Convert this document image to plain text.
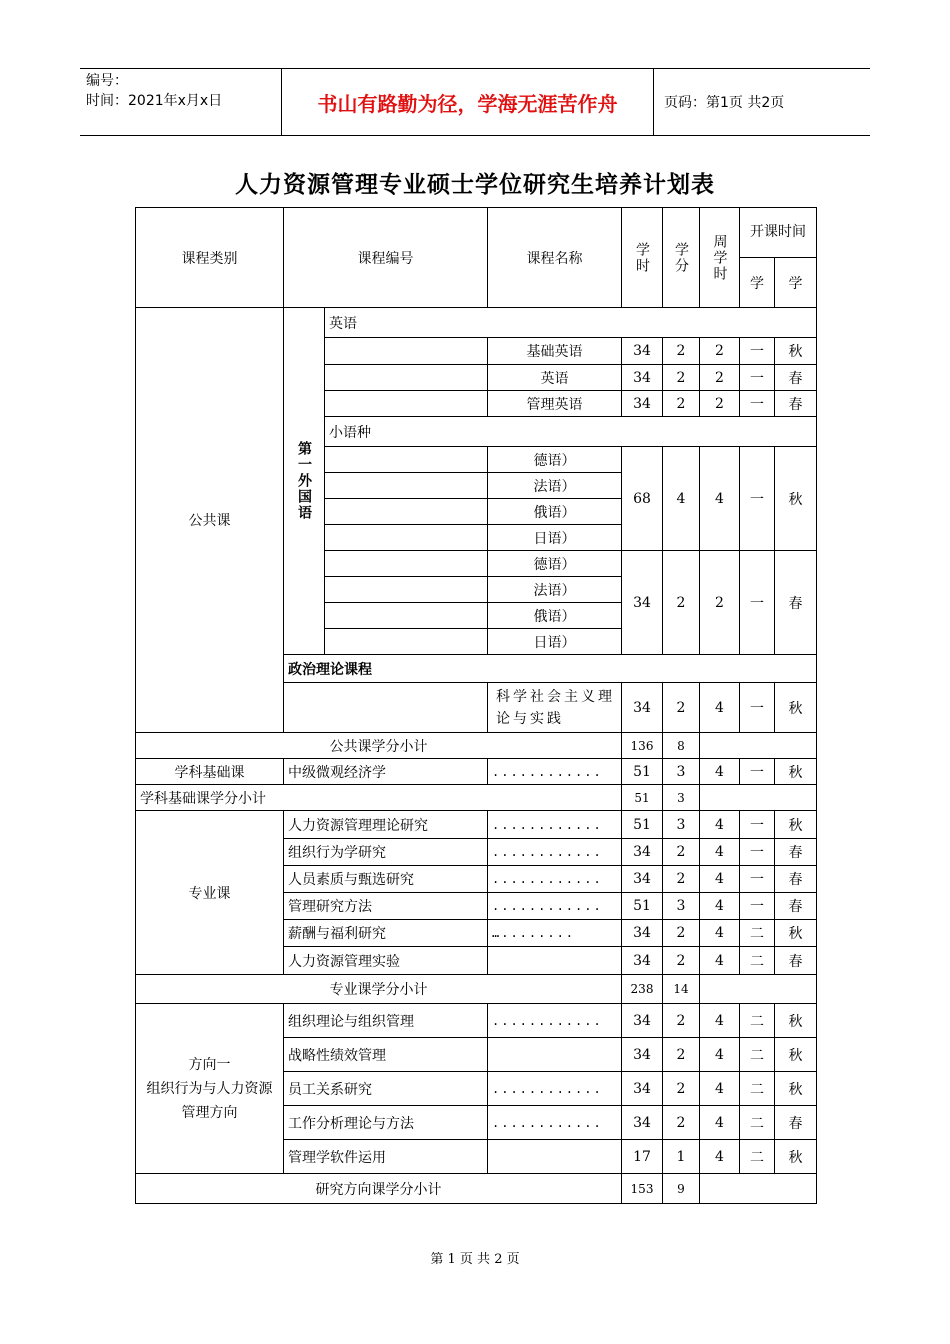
编号：
时间：2021年x月x日	书山有路勤为径，学海无涯苦作舟	页码：第1页 共2页
人力资源管理专业硕士学位研究生培养计划表
课程类别	课程编号		课程名称	学时	学分	周学时	开课时间	
							学	学
公共课	第一外国语	英语						
			基础英语	34	2	2	一	秋
			英语	34	2	2	一	春
			管理英语	34	2	2	一	春
		小语种						
			德语）	68	4	4	一	秋
			法语）					
			俄语）					
			日语）					
			德语）	34	2	2	一	春
			法语）					
			俄语）					
			日语）					
	政治理论课程							
			科学社会主义理论与实践	34	2	4	一	秋
公共课学分小计				136	8			
学科基础课	中级微观经济学		............	51	3	4	一	秋
学科基础课学分小计				51	3			
专业课	人力资源管理理论研究		............	51	3	4	一	秋
	组织行为学研究		............	34	2	4	一	春
	人员素质与甄选研究		............	34	2	4	一	春
	管理研究方法		............	51	3	4	一	春
	薪酬与福利研究		…........	34	2	4	二	秋
	人力资源管理实验			34	2	4	二	春
专业课学分小计				238	14			

方向一
组织行为与人力资源管理方向	组织理论与组织管理		............	34	2	4	二	秋
	战略性绩效管理			34	2	4	二	秋
	员工关系研究		............	34	2	4	二	秋
	工作分析理论与方法		............	34	2	4	二	春
	管理学软件运用			17	1	4	二	秋
研究方向课学分小计				153	9			
第 1 页 共 2 页
